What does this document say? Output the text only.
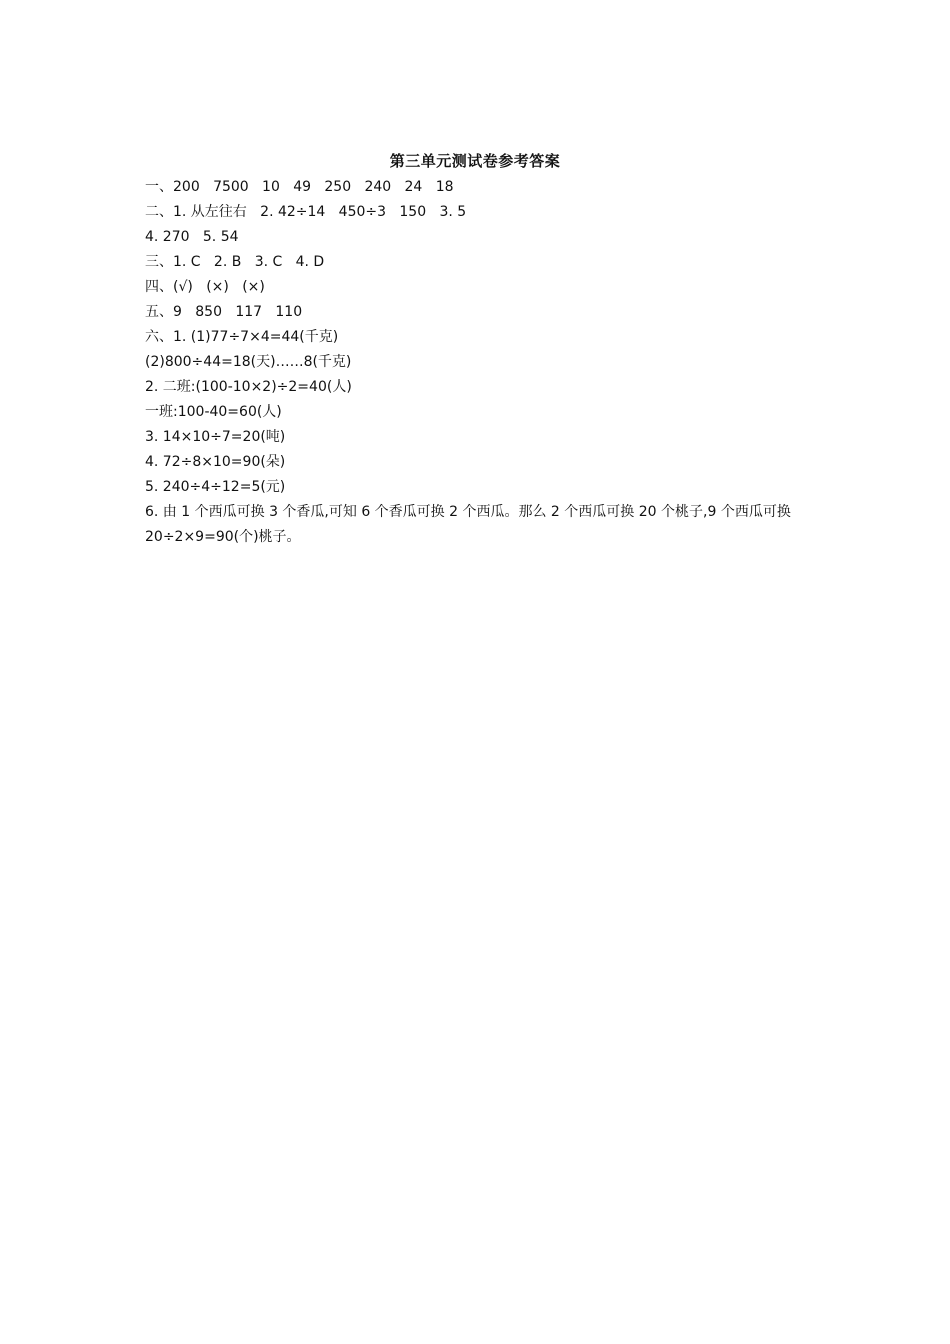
第三单元测试卷参考答案
一、200   7500   10   49   250   240   24   18
二、1. 从左往右   2. 42÷14   450÷3   150   3. 5
4. 270   5. 54
三、1. C   2. B   3. C   4. D
四、(√)   (×)   (×)
五、9   850   117   110
六、1. (1)77÷7×4=44(千克)
(2)800÷44=18(天)……8(千克)
2. 二班:(100-10×2)÷2=40(人)
一班:100-40=60(人)
3. 14×10÷7=20(吨)
4. 72÷8×10=90(朵)
5. 240÷4÷12=5(元)
6. 由 1 个西瓜可换 3 个香瓜,可知 6 个香瓜可换 2 个西瓜。那么 2 个西瓜可换 20 个桃子,9 个西瓜可换
20÷2×9=90(个)桃子。
